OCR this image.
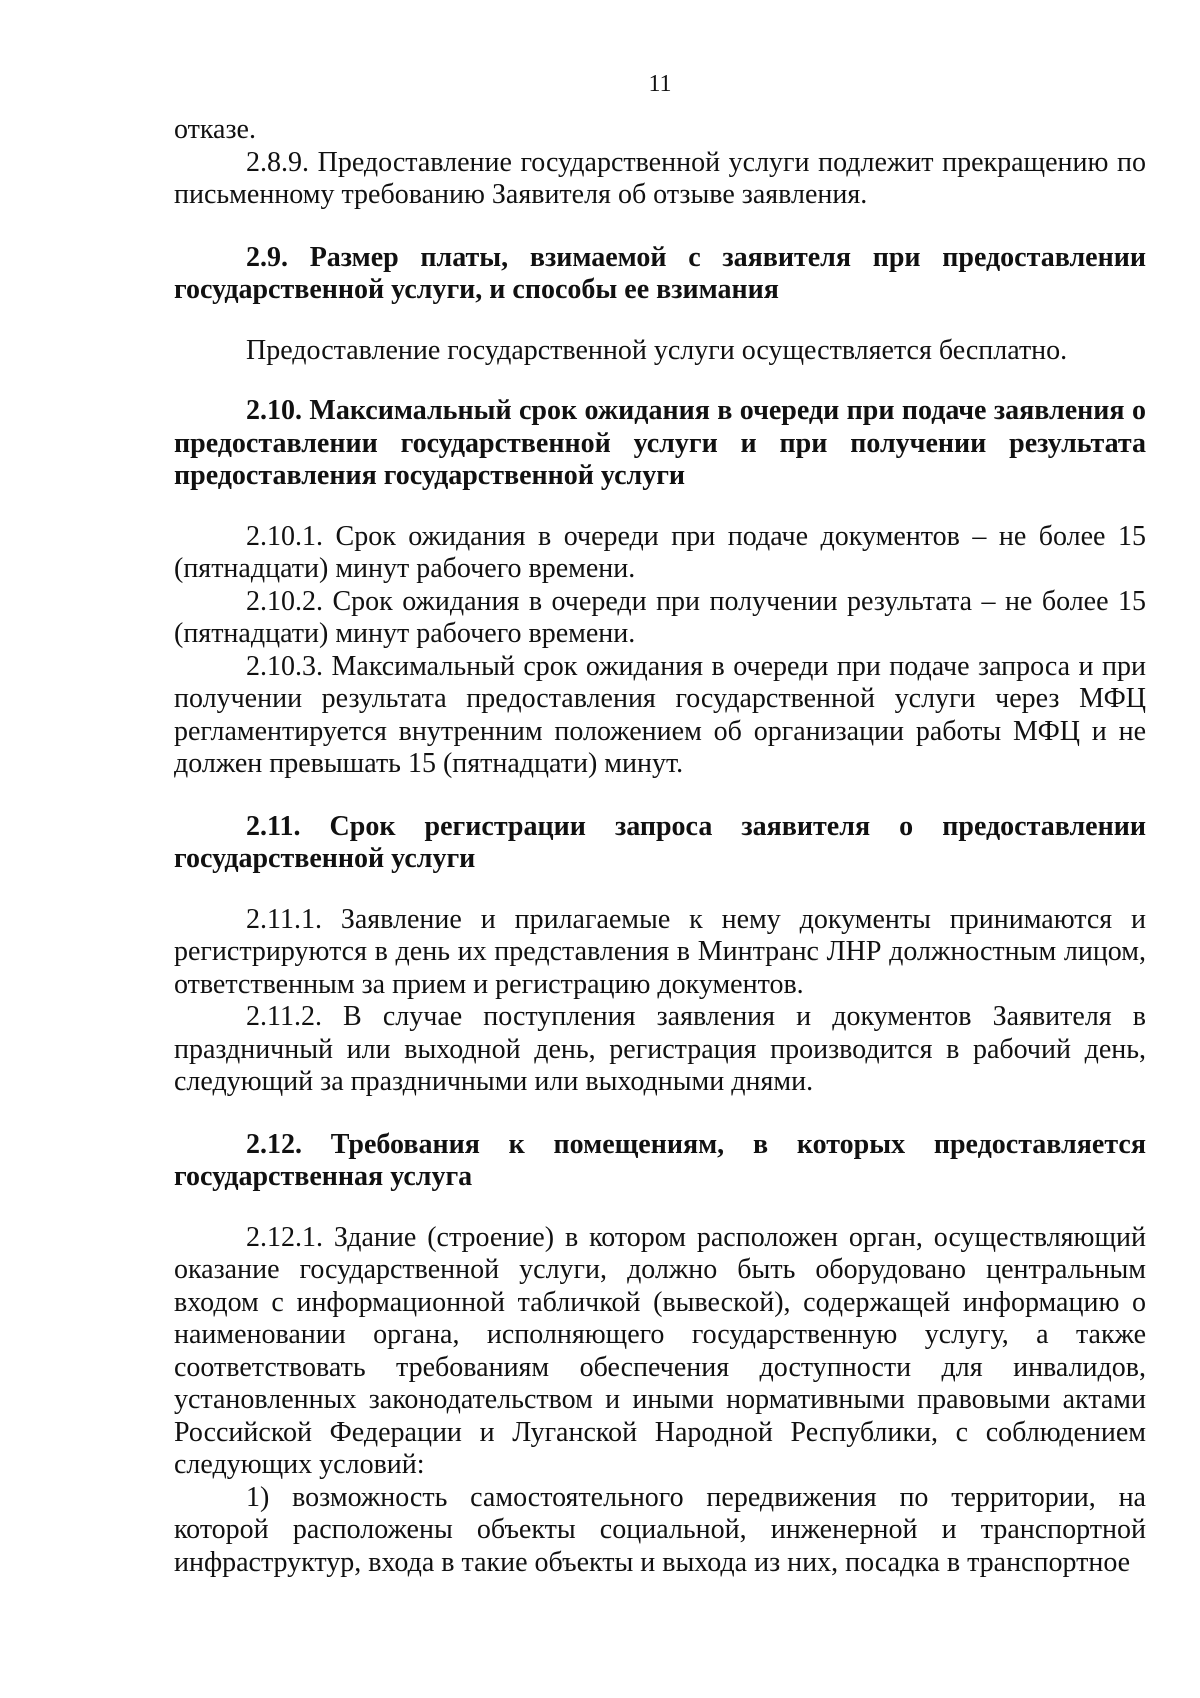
11

отказе.

2.8.9. Предоставление государственной услуги подлежит прекращению по письменному требованию Заявителя об отзыве заявления.

2.9. Размер платы, взимаемой с заявителя при предоставлении государственной услуги, и способы ее взимания

Предоставление государственной услуги осуществляется бесплатно.

2.10. Максимальный срок ожидания в очереди при подаче заявления о предоставлении государственной услуги и при получении результата предоставления государственной услуги

2.10.1. Срок ожидания в очереди при подаче документов – не более 15 (пятнадцати) минут рабочего времени.

2.10.2. Срок ожидания в очереди при получении результата – не более 15 (пятнадцати) минут рабочего времени.

2.10.3. Максимальный срок ожидания в очереди при подаче запроса и при получении результата предоставления государственной услуги через МФЦ регламентируется внутренним положением об организации работы МФЦ и не должен превышать 15 (пятнадцати) минут.

2.11. Срок регистрации запроса заявителя о предоставлении государственной услуги

2.11.1. Заявление и прилагаемые к нему документы принимаются и регистрируются в день их представления в Минтранс ЛНР должностным лицом, ответственным за прием и регистрацию документов.

2.11.2. В случае поступления заявления и документов Заявителя в праздничный или выходной день, регистрация производится в рабочий день, следующий за праздничными или выходными днями.

2.12. Требования к помещениям, в которых предоставляется государственная услуга

2.12.1. Здание (строение) в котором расположен орган, осуществляющий оказание государственной услуги, должно быть оборудовано центральным входом с информационной табличкой (вывеской), содержащей информацию о наименовании органа, исполняющего государственную услугу, а также соответствовать требованиям обеспечения доступности для инвалидов, установленных законодательством и иными нормативными правовыми актами Российской Федерации и Луганской Народной Республики, с соблюдением следующих условий:

1) возможность самостоятельного передвижения по территории, на которой расположены объекты социальной, инженерной и транспортной инфраструктур, входа в такие объекты и выхода из них, посадка в транспортное
